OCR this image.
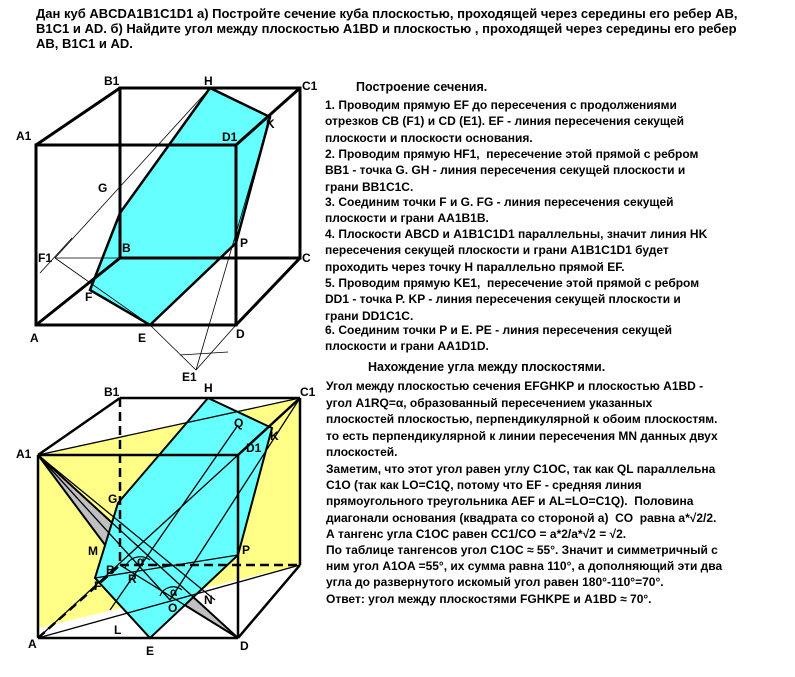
Дан куб ABCDA1B1C1D1 а) Постройте сечение куба плоскостью, проходящей через середины его ребер AB,
B1C1 и AD. б) Найдите угол между плоскостью A1BD и плоскостью , проходящей через середины его ребер
AB, B1C1 и AD.
Построение сечения.

1. Проводим прямую EF до пересечения с продолжениями
отрезков CB (F1) и CD (E1). EF - линия пересечения секущей
плоскости и плоскости основания.

2. Проводим прямую HF1,  пересечение этой прямой с ребром
BB1 - точка G. GH - линия пересечения секущей плоскости и
грани BB1C1C.

3. Соединим точки F и G. FG - линия пересечения секущей
плоскости и грани AA1B1B.

4. Плоскости ABCD и A1B1C1D1 параллельны, значит линия HK
пересечения секущей плоскости и грани A1B1C1D1 будет
проходить через точку H параллельно прямой EF.

5. Проводим прямую KE1,  пересечение этой прямой с ребром
DD1 - точка P. KP - линия пересечения секущей плоскости и
грани DD1C1C.

6. Соединим точки P и E. PE - линия пересечения секущей
плоскости и грани AA1D1D.

Нахождение угла между плоскостями.

Угол между плоскостью сечения EFGHKP и плоскостью A1BD -
угол A1RQ=α, образованный пересечением указанных
плоскостей плоскостью, перпендикулярной к обоим плоскостям.
то есть перпендикулярной к линии пересечения MN данных двух
плоскостей.

Заметим, что этот угол равен углу C1OC, так как QL параллельна
C1O (так как LO=C1Q, потому что EF - средняя линия
прямоугольного треугольника AEF и AL=LO=C1Q).  Половина
диагонали основания (квадрата со стороной а)  CO  равна a*√2/2.
А тангенс угла C1OC равен CC1/CO = a*2/a*√2 = √2.
По таблице тангенсов угол C1OC ≈ 55°. Значит и симметричный с
ним угол A1OA =55°, их сумма равна 110°, а дополняющий эти два
угла до развернутого искомый угол равен 180°-110°=70°.
Ответ: угол между плоскостями FGHKPE и A1BD ≈ 70°.

B1	H	C1
A1	D1
K
G
B	P
C
F1
F
A	E	D
E1
B1	H	C1
Q
K
A1	D1
G
M	P
B
α
R
α
F
O
N
L
A	E	D
